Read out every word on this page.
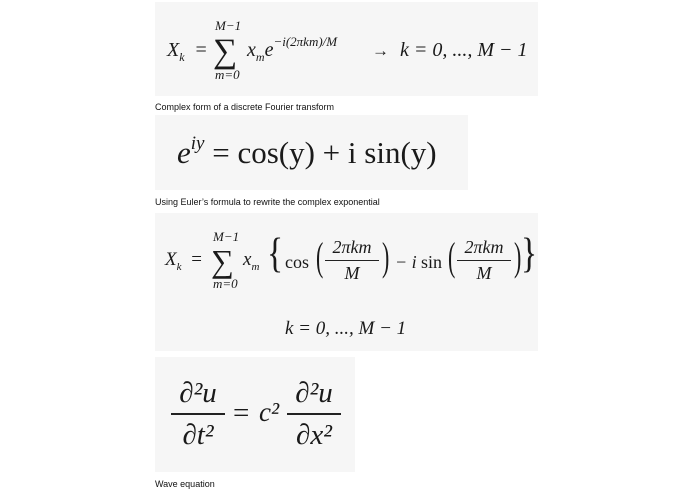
$X_k$ =
M−1
∑
m=0
$x_me^{-i(2\pi km)/M} \to k = 0$, ..., M − 1
Complex form of a discrete Fourier transform
$e^{iy} = \cos(y) + i$ sin(y)
Using Euler’s formula to rewrite the complex exponential
$X_k$ =
M−1
∑
m=0
$x_m$ { cos ( 2πkm
M ) − i sin ( 2πkm
M ) }
k = 0, ..., M − 1
∂²u
∂t²
= c²
∂²u
∂x²
Wave equation
